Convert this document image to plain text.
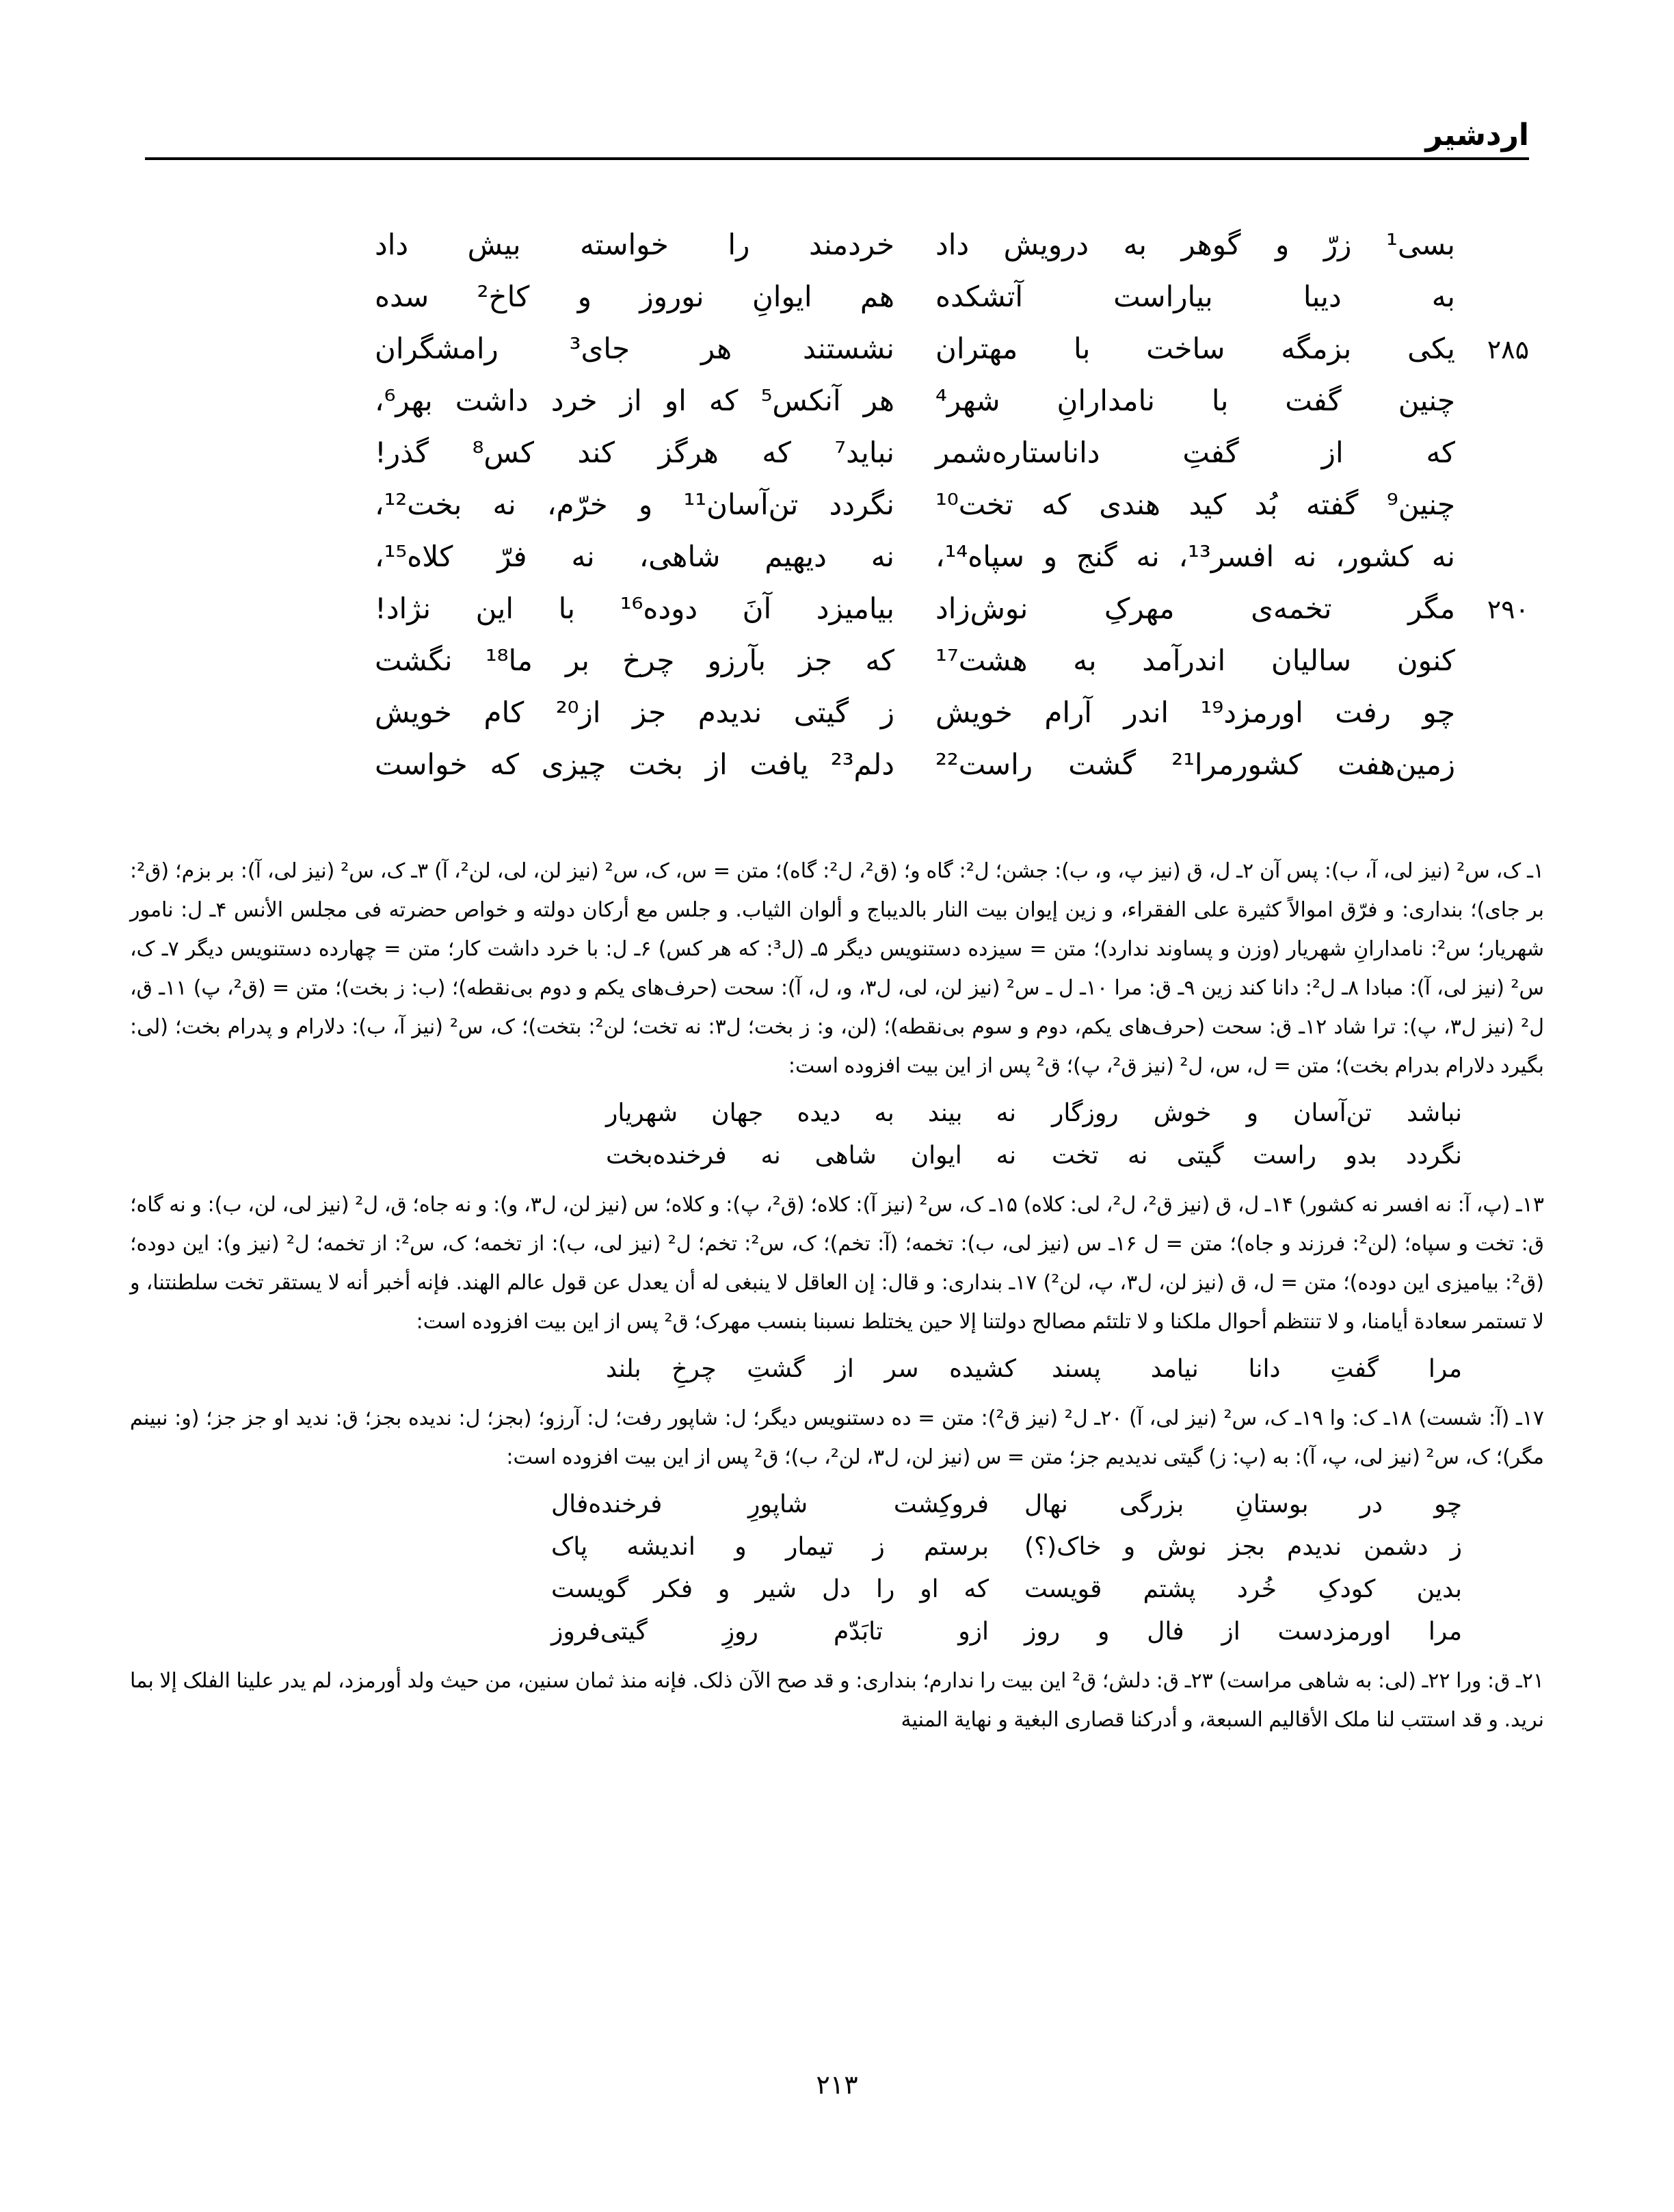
اردشیر
بسی¹ زرّ و گوهر به درویش داد
خردمند را خواسته بیش داد
به دیبا بیاراست آتشکده
هم ایوانِ نوروز و کاخ² سده
۲۸۵
یکی بزمگه ساخت با مهتران
نشستند هر جای³ رامشگران
چنین گفت با نامدارانِ شهر⁴
هر آنکس⁵ که او از خرد داشت بهر⁶،
که از گفتِ داناستاره‌شمر
نباید⁷ که هرگز کند کس⁸ گذر!
چنین⁹ گفته بُد کید هندی که تخت¹⁰
نگردد تن‌آسان¹¹ و خرّم، نه بخت¹²،
نه کشور، نه افسر¹³، نه گنج و سپاه¹⁴،
نه دیهیم شاهی، نه فرّ کلاه¹⁵،
۲۹۰
مگر تخمه‌ی مهرکِ نوش‌زاد
بیامیزد آنَ دوده¹⁶ با این نژاد!
کنون سالیان اندرآمد به هشت¹⁷
که جز بآرزو چرخ بر ما¹⁸ نگشت
چو رفت اورمزد¹⁹ اندر آرام خویش
ز گیتی ندیدم جز از²⁰ کام خویش
زمین‌هفت کشور‌مرا²¹ گشت راست²²
دلم²³ یافت از بخت چیزی که خواست

۱ـ ک، س² (نیز لی، آ، ب): پس آن ۲ـ ل، ق (نیز پ، و، ب): جشن؛ ل²: گاه و؛ (ق²، ل²: گاه)؛ متن = س، ک، س² (نیز لن، لی، لن²، آ) ۳ـ ک، س² (نیز لی، آ): بر بزم؛ (ق²: بر جای)؛ بنداری: و فرّق اموالاً کثیرة علی الفقراء، و زین إیوان بیت النار بالدیباج و ألوان الثیاب. و جلس مع أرکان دولته و خواص حضرته فی مجلس الأنس ۴ـ ل: نامور شهریار؛ س²: نامدارانِ شهریار (وزن و پساوند ندارد)؛ متن = سیزده دستنویس دیگر ۵ـ (ل³: که هر کس) ۶ـ ل: با خرد داشت کار؛ متن = چهارده دستنویس دیگر ۷ـ ک، س² (نیز لی، آ): مبادا ۸ـ ل²: دانا کند زین ۹ـ ق: مرا ۱۰ـ ل ـ س² (نیز لن، لی، ل۳، و، ل، آ): سحت (حرف‌های یکم و دوم بی‌نقطه)؛ (ب: ز بخت)؛ متن = (ق²، پ) ۱۱ـ ق، ل² (نیز ل۳، پ): ترا شاد ۱۲ـ ق: سحت (حرف‌های یکم، دوم و سوم بی‌نقطه)؛ (لن، و: ز بخت؛ ل۳: نه تخت؛ لن²: بتخت)؛ ک، س² (نیز آ، ب): دلارام و پدرام بخت؛ (لی: بگیرد دلارام بدرام بخت)؛ متن = ل، س، ل² (نیز ق²، پ)؛ ق² پس از این بیت افزوده است:

نباشد تن‌آسان و خوش روزگار
نه بیند به دیده جهان شهریار
نگردد بدو راست گیتی نه تخت
نه ایوان شاهی نه فرخنده‌بخت

۱۳ـ (پ، آ: نه افسر نه کشور) ۱۴ـ ل، ق (نیز ق²، ل²، لی: کلاه) ۱۵ـ ک، س² (نیز آ): کلاه؛ (ق²، پ): و کلاه؛ س (نیز لن، ل۳، و): و نه جاه؛ ق، ل² (نیز لی، لن، ب): و نه گاه؛ ق: تخت و سپاه؛ (لن²: فرزند و جاه)؛ متن = ل ۱۶ـ س (نیز لی، ب): تخمه؛ (آ: تخم)؛ ک، س²: تخم؛ ل² (نیز لی، ب): از تخمه؛ ک، س²: از تخمه؛ ل² (نیز و): این دوده؛ (ق²: بیامیزی این دوده)؛ متن = ل، ق (نیز لن، ل۳، پ، لن²) ۱۷ـ بنداری: و قال: إن العاقل لا ینبغی له أن یعدل عن قول عالم الهند. فإنه أخبر أنه لا یستقر تخت سلطنتنا، و لا تستمر سعادة أیامنا، و لا تنتظم أحوال ملکنا و لا تلتئم مصالح دولتنا إلا حین یختلط نسبنا بنسب مهرک؛ ق² پس از این بیت افزوده است:

مرا گفتِ دانا نیامد پسند
کشیده سر از گشتِ چرخِ بلند

۱۷ـ (آ: شست) ۱۸ـ ک: وا ۱۹ـ ک، س² (نیز لی، آ) ۲۰ـ ل² (نیز ق²): متن = ده دستنویس دیگر؛ ل: شاپور رفت؛ ل: آرزو؛ (بجز؛ ل: ندیده بجز؛ ق: ندید او جز جز؛ (و: نبینم مگر)؛ ک، س² (نیز لی، پ، آ): به (پ: ز) گیتی ندیدیم جز؛ متن = س (نیز لن، ل۳، لن²، ب)؛ ق² پس از این بیت افزوده است:

چو در بوستانِ بزرگی نهال
فروکِشت شاپورِ فرخنده‌فال
ز دشمن ندیدم بجز نوش و خاک(؟)
برستم ز تیمار و اندیشه پاک
بدین کودکِ خُرد پشتم قویست
که او را دل شیر و فکر گویست
مرا اورمزدست از فال و روز
ازو تابَدّم روزِ گیتی‌فروز

۲۱ـ ق: ورا ۲۲ـ (لی: به شاهی مراست) ۲۳ـ ق: دلش؛ ق² این بیت را ندارم؛ بنداری: و قد صح الآن ذلک. فإنه منذ ثمان سنین، من حیث ولد أورمزد، لم یدر علینا الفلک إلا بما نرید. و قد استتب لنا ملک الأقالیم السبعة، و أدرکنا قصاری البغیة و نهایة المنیة

۲۱۳
